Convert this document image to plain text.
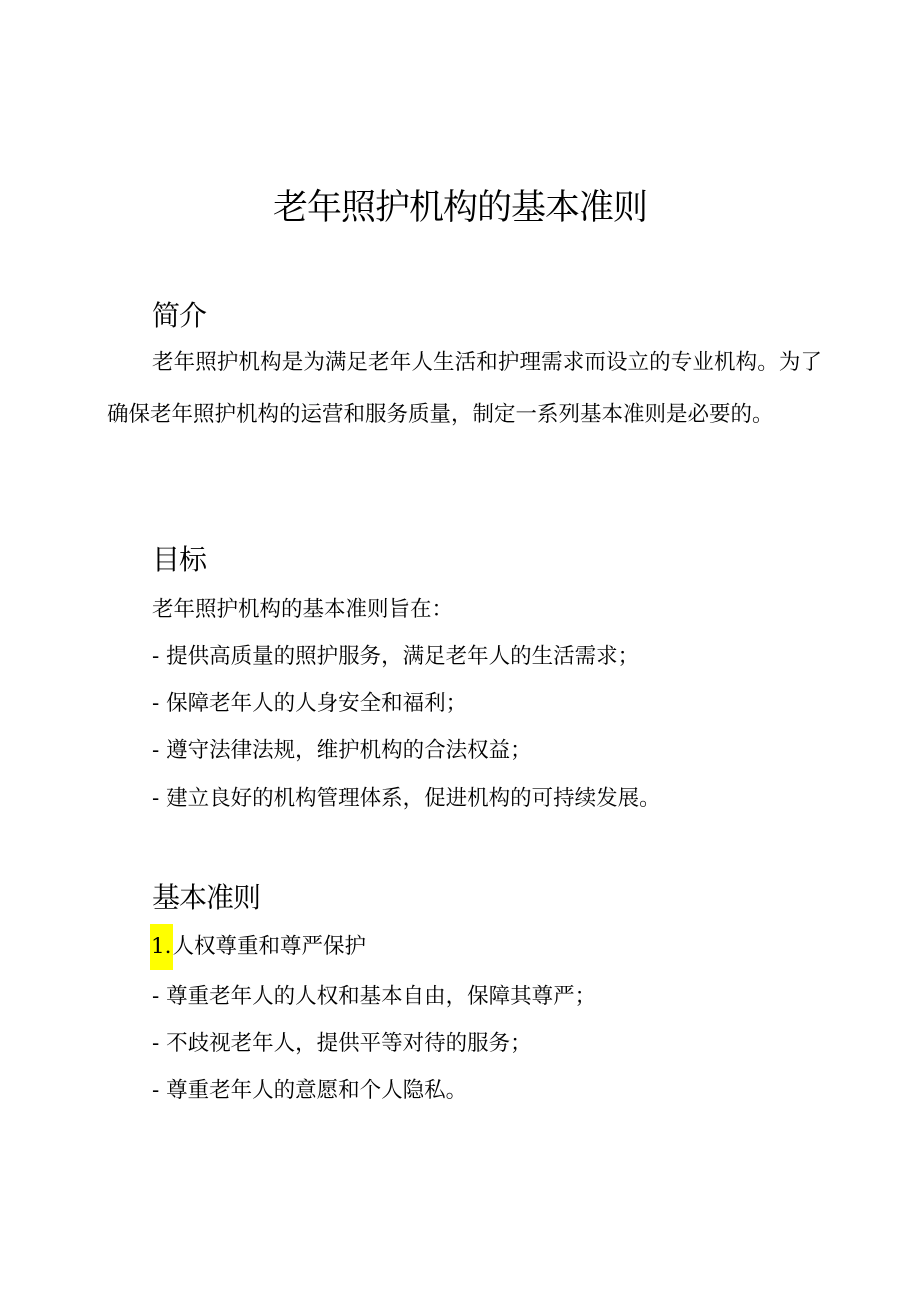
老年照护机构的基本准则
简介
老年照护机构是为满足老年人生活和护理需求而设立的专业机构。为了确保老年照护机构的运营和服务质量，制定一系列基本准则是必要的。
目标
老年照护机构的基本准则旨在：
- 提供高质量的照护服务，满足老年人的生活需求；
- 保障老年人的人身安全和福利；
- 遵守法律法规，维护机构的合法权益；
- 建立良好的机构管理体系，促进机构的可持续发展。
基本准则
1.人权尊重和尊严保护
- 尊重老年人的人权和基本自由，保障其尊严；
- 不歧视老年人，提供平等对待的服务；
- 尊重老年人的意愿和个人隐私。
